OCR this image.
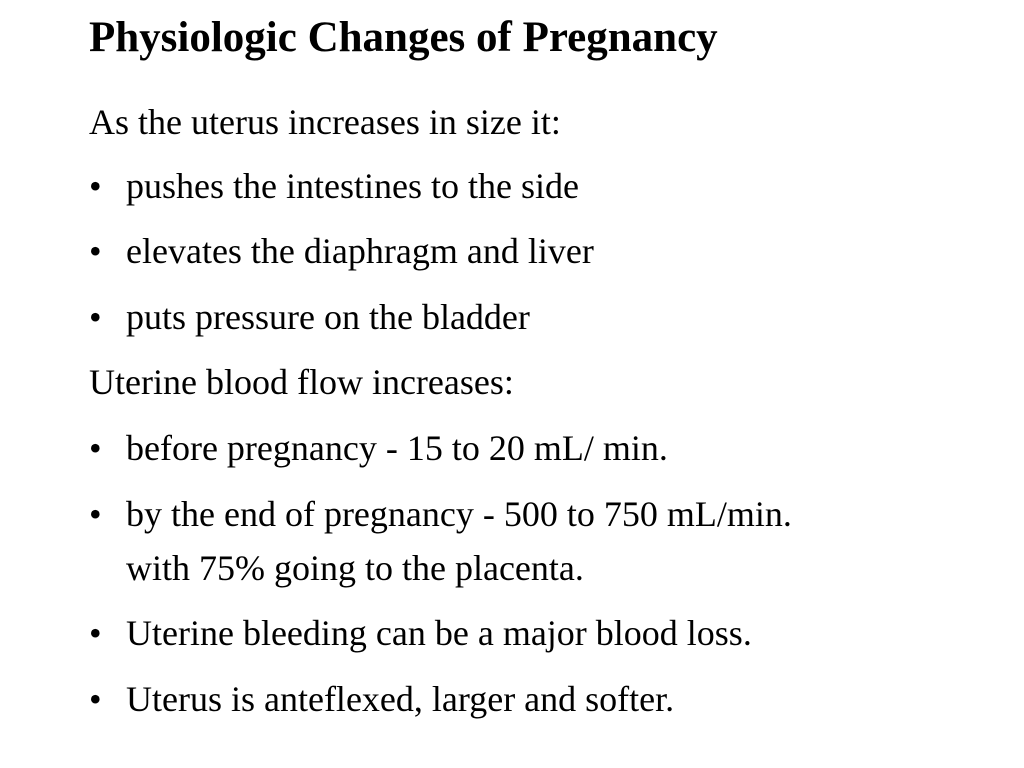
Physiologic Changes of Pregnancy
As the uterus increases in size it:
• pushes the intestines to the side
• elevates the diaphragm and liver
• puts pressure on the bladder
Uterine blood flow increases:
• before pregnancy - 15 to 20 mL/ min.
• by the end of pregnancy - 500 to 750 mL/min. with 75% going to the placenta.
• Uterine bleeding can be a major blood loss.
• Uterus is anteflexed, larger and softer.
